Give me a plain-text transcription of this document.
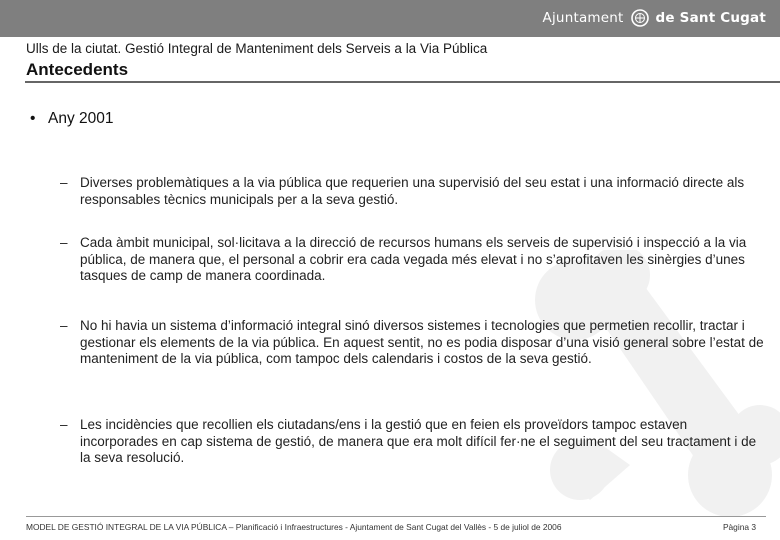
Ajuntament de Sant Cugat
Ulls de la ciutat. Gestió Integral de Manteniment dels Serveis a la Via Pública
Antecedents
• Any 2001
– Diverses problemàtiques a la via pública que requerien una supervisió del seu estat i una informació directe als responsables tècnics municipals per a la seva gestió.
– Cada àmbit municipal, sol·licitava a la direcció de recursos humans els serveis de supervisió i inspecció a la via pública, de manera que, el personal a cobrir era cada vegada més elevat i no s’aprofitaven les sinèrgies d’unes tasques de camp de manera coordinada.
– No hi havia un sistema d’informació integral sinó diversos sistemes i tecnologies que permetien recollir, tractar i gestionar els elements de la via pública. En aquest sentit, no es podia disposar d’una visió general sobre l’estat de manteniment de la via pública, com tampoc dels calendaris i costos de la seva gestió.
– Les incidències que recollien els ciutadans/ens i la gestió que en feien els proveïdors tampoc estaven incorporades en cap sistema de gestió, de manera que era molt difícil fer·ne el seguiment del seu tractament i de la seva resolució.
MODEL DE GESTIÓ INTEGRAL DE LA VIA PÚBLICA – Planificació i Infraestructures - Ajuntament de Sant Cugat del Vallès - 5 de juliol de 2006	Pàgina 3
